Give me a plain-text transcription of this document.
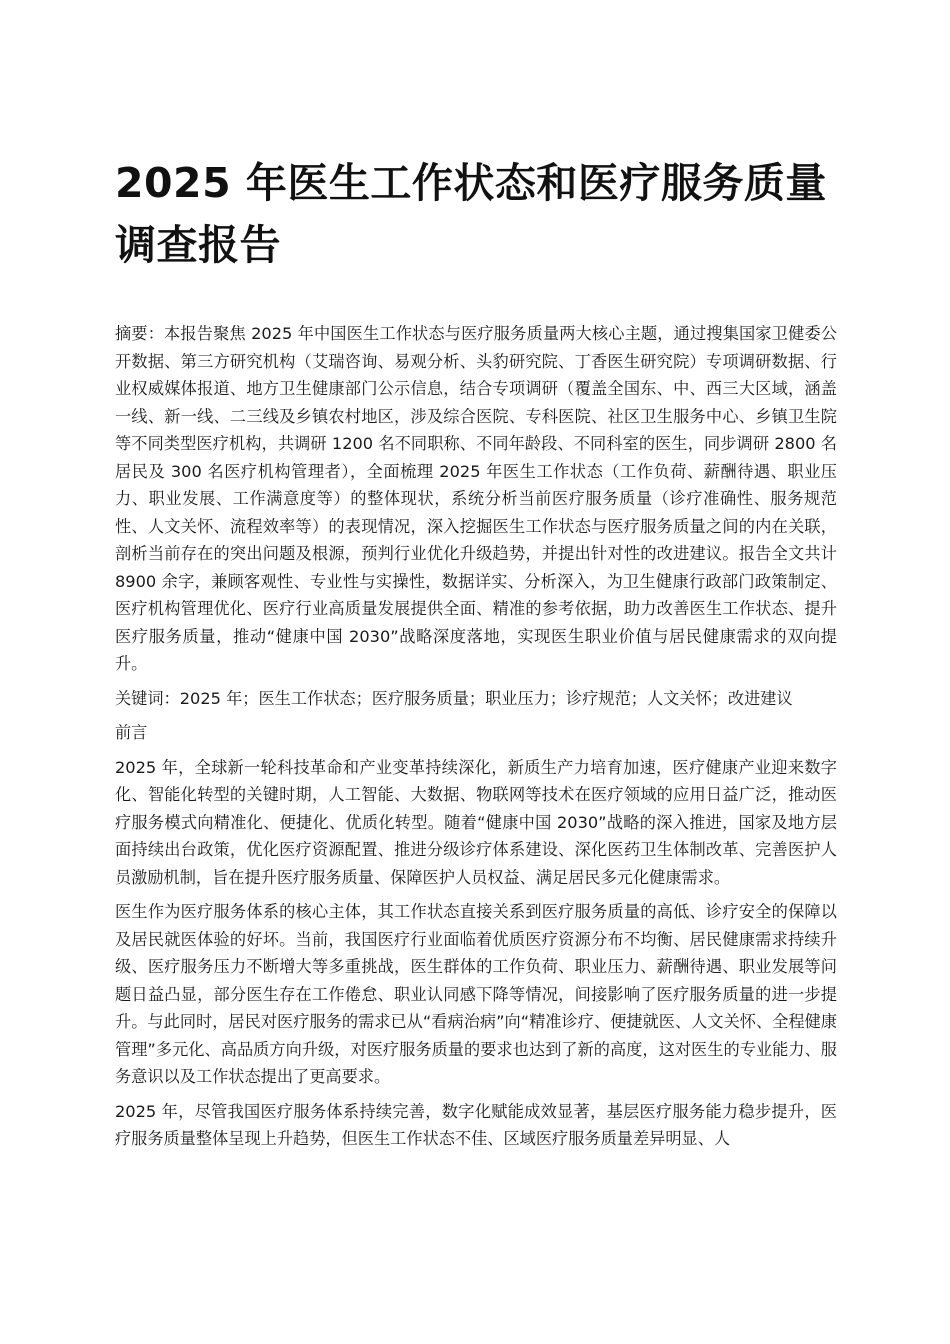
2025 年医生工作状态和医疗服务质量调查报告

摘要：本报告聚焦 2025 年中国医生工作状态与医疗服务质量两大核心主题，通过搜集国家卫健委公开数据、第三方研究机构（艾瑞咨询、易观分析、头豹研究院、丁香医生研究院）专项调研数据、行业权威媒体报道、地方卫生健康部门公示信息，结合专项调研（覆盖全国东、中、西三大区域，涵盖一线、新一线、二三线及乡镇农村地区，涉及综合医院、专科医院、社区卫生服务中心、乡镇卫生院等不同类型医疗机构，共调研 1200 名不同职称、不同年龄段、不同科室的医生，同步调研 2800 名居民及 300 名医疗机构管理者），全面梳理 2025 年医生工作状态（工作负荷、薪酬待遇、职业压力、职业发展、工作满意度等）的整体现状，系统分析当前医疗服务质量（诊疗准确性、服务规范性、人文关怀、流程效率等）的表现情况，深入挖掘医生工作状态与医疗服务质量之间的内在关联，剖析当前存在的突出问题及根源，预判行业优化升级趋势，并提出针对性的改进建议。报告全文共计 8900 余字，兼顾客观性、专业性与实操性，数据详实、分析深入，为卫生健康行政部门政策制定、医疗机构管理优化、医疗行业高质量发展提供全面、精准的参考依据，助力改善医生工作状态、提升医疗服务质量，推动“健康中国 2030”战略深度落地，实现医生职业价值与居民健康需求的双向提升。

关键词：2025 年；医生工作状态；医疗服务质量；职业压力；诊疗规范；人文关怀；改进建议

前言

2025 年，全球新一轮科技革命和产业变革持续深化，新质生产力培育加速，医疗健康产业迎来数字化、智能化转型的关键时期，人工智能、大数据、物联网等技术在医疗领域的应用日益广泛，推动医疗服务模式向精准化、便捷化、优质化转型。随着“健康中国 2030”战略的深入推进，国家及地方层面持续出台政策，优化医疗资源配置、推进分级诊疗体系建设、深化医药卫生体制改革、完善医护人员激励机制，旨在提升医疗服务质量、保障医护人员权益、满足居民多元化健康需求。

医生作为医疗服务体系的核心主体，其工作状态直接关系到医疗服务质量的高低、诊疗安全的保障以及居民就医体验的好坏。当前，我国医疗行业面临着优质医疗资源分布不均衡、居民健康需求持续升级、医疗服务压力不断增大等多重挑战，医生群体的工作负荷、职业压力、薪酬待遇、职业发展等问题日益凸显，部分医生存在工作倦怠、职业认同感下降等情况，间接影响了医疗服务质量的进一步提升。与此同时，居民对医疗服务的需求已从“看病治病”向“精准诊疗、便捷就医、人文关怀、全程健康管理”多元化、高品质方向升级，对医疗服务质量的要求也达到了新的高度，这对医生的专业能力、服务意识以及工作状态提出了更高要求。

2025 年，尽管我国医疗服务体系持续完善，数字化赋能成效显著，基层医疗服务能力稳步提升，医疗服务质量整体呈现上升趋势，但医生工作状态不佳、区域医疗服务质量差异明显、人
